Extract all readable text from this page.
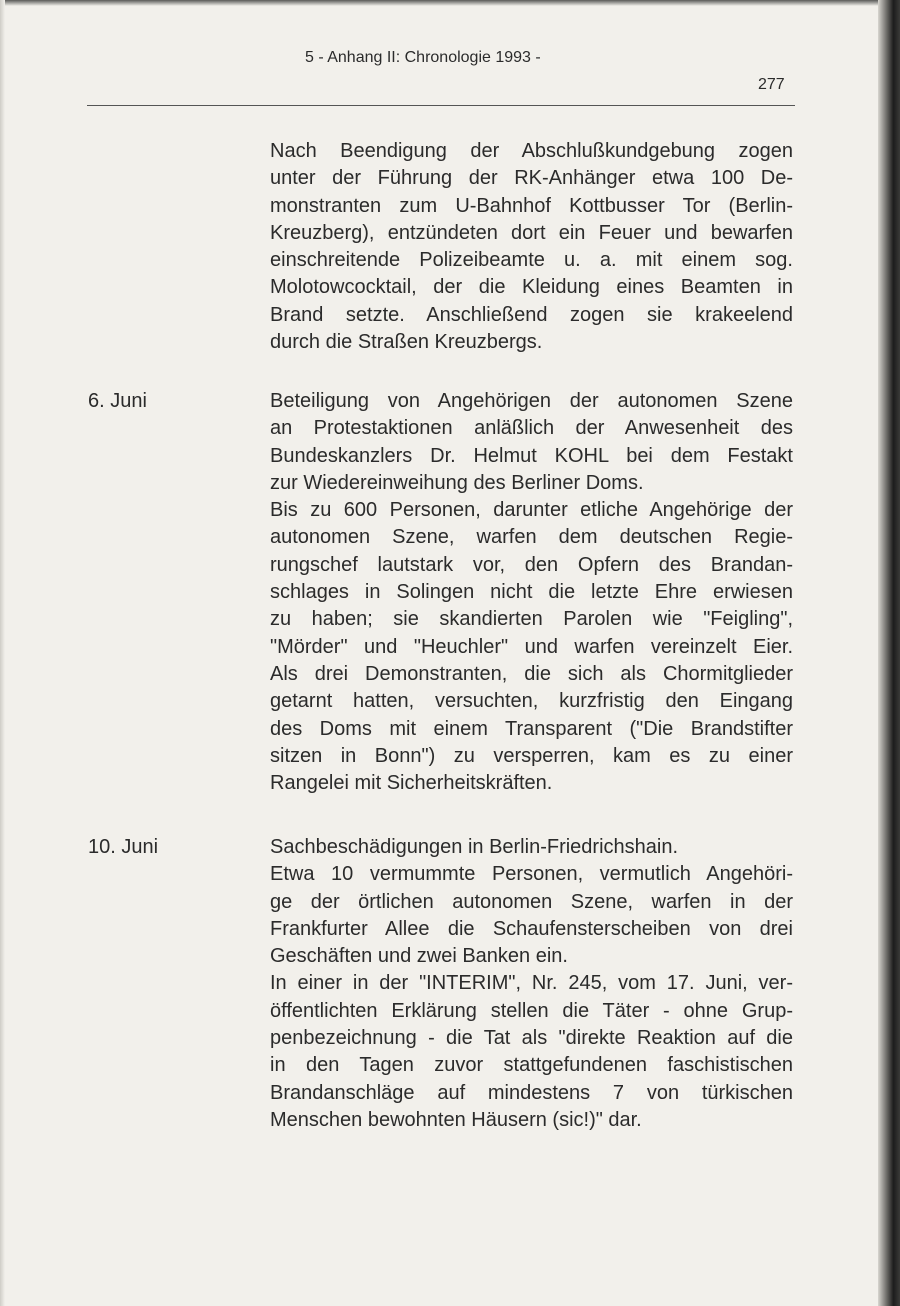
5 - Anhang II: Chronologie 1993 -
277
Nach Beendigung der Abschlußkundgebung zogen
unter der Führung der RK-Anhänger etwa 100 De-
monstranten zum U-Bahnhof Kottbusser Tor (Berlin-
Kreuzberg), entzündeten dort ein Feuer und bewarfen
einschreitende Polizeibeamte u. a. mit einem sog.
Molotowcocktail, der die Kleidung eines Beamten in
Brand setzte. Anschließend zogen sie krakeelend
durch die Straßen Kreuzbergs.
6. Juni	Beteiligung von Angehörigen der autonomen Szene
an Protestaktionen anläßlich der Anwesenheit des
Bundeskanzlers Dr. Helmut KOHL bei dem Festakt
zur Wiedereinweihung des Berliner Doms.
Bis zu 600 Personen, darunter etliche Angehörige der
autonomen Szene, warfen dem deutschen Regie-
rungschef lautstark vor, den Opfern des Brandan-
schlages in Solingen nicht die letzte Ehre erwiesen
zu haben; sie skandierten Parolen wie "Feigling",
"Mörder" und "Heuchler" und warfen vereinzelt Eier.
Als drei Demonstranten, die sich als Chormitglieder
getarnt hatten, versuchten, kurzfristig den Eingang
des Doms mit einem Transparent ("Die Brandstifter
sitzen in Bonn") zu versperren, kam es zu einer
Rangelei mit Sicherheitskräften.
10. Juni	Sachbeschädigungen in Berlin-Friedrichshain.
Etwa 10 vermummte Personen, vermutlich Angehöri-
ge der örtlichen autonomen Szene, warfen in der
Frankfurter Allee die Schaufensterscheiben von drei
Geschäften und zwei Banken ein.
In einer in der "INTERIM", Nr. 245, vom 17. Juni, ver-
öffentlichten Erklärung stellen die Täter - ohne Grup-
penbezeichnung - die Tat als "direkte Reaktion auf die
in den Tagen zuvor stattgefundenen faschistischen
Brandanschläge auf mindestens 7 von türkischen
Menschen bewohnten Häusern (sic!)" dar.
